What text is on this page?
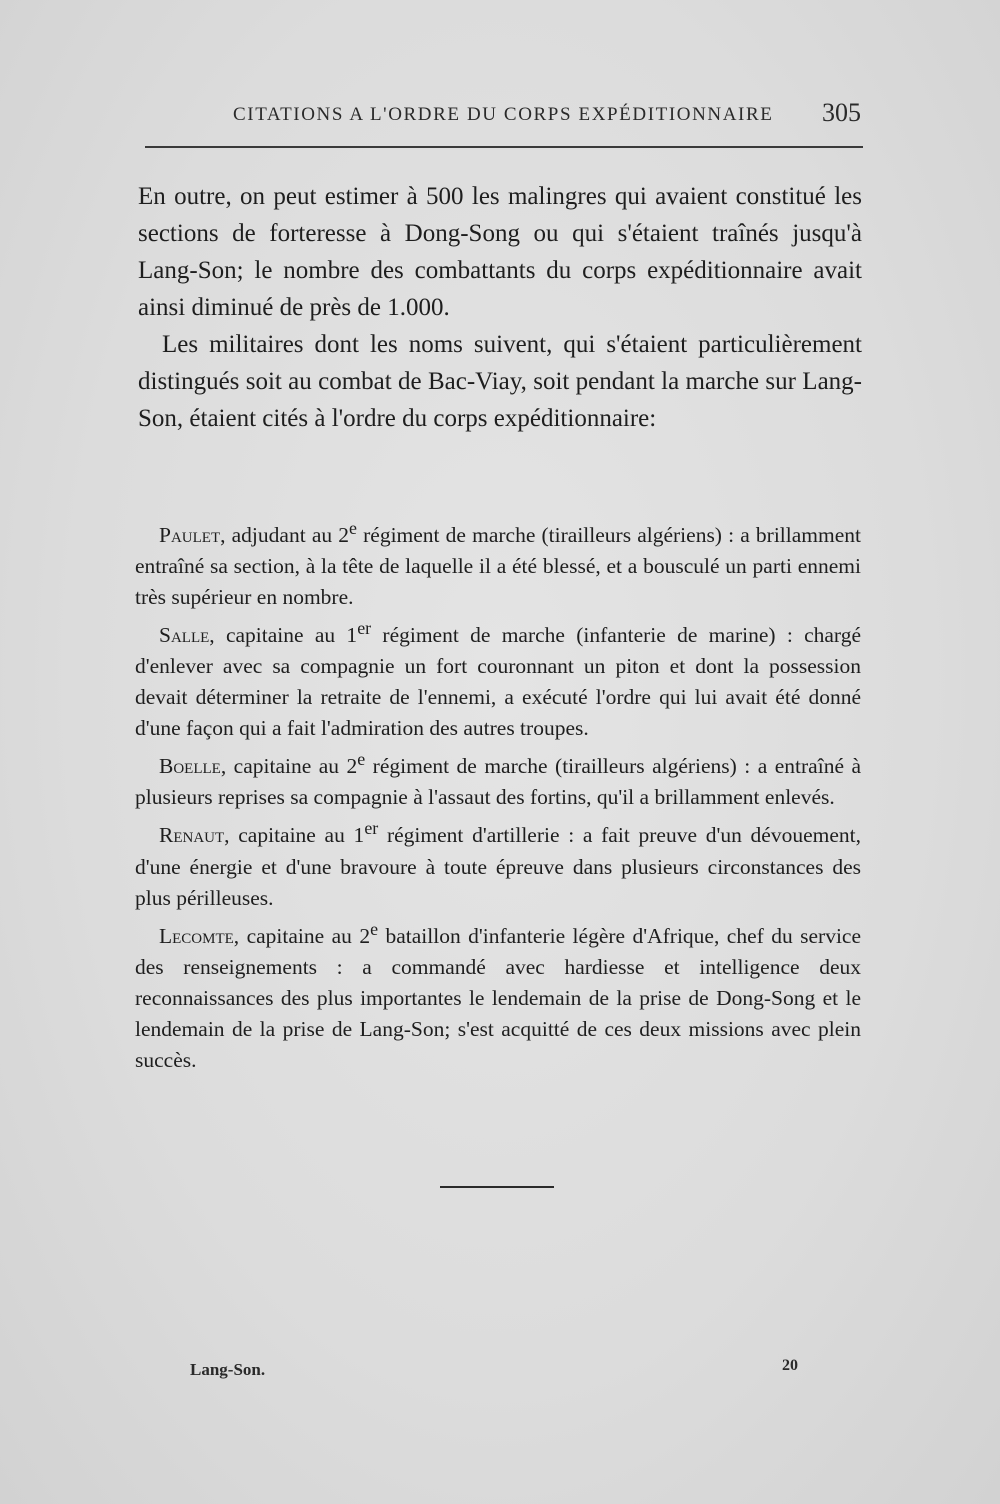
CITATIONS A L'ORDRE DU CORPS EXPÉDITIONNAIRE 305

En outre, on peut estimer à 500 les malingres qui avaient constitué les sections de forteresse à Dong-Song ou qui s'étaient traînés jusqu'à Lang-Son; le nombre des combattants du corps expéditionnaire avait ainsi diminué de près de 1.000.

Les militaires dont les noms suivent, qui s'étaient particulièrement distingués soit au combat de Bac-Viay, soit pendant la marche sur Lang-Son, étaient cités à l'ordre du corps expéditionnaire:

Paulet, adjudant au 2e régiment de marche (tirailleurs algériens) : a brillamment entraîné sa section, à la tête de laquelle il a été blessé, et a bousculé un parti ennemi très supérieur en nombre.

Salle, capitaine au 1er régiment de marche (infanterie de marine) : chargé d'enlever avec sa compagnie un fort couronnant un piton et dont la possession devait déterminer la retraite de l'ennemi, a exécuté l'ordre qui lui avait été donné d'une façon qui a fait l'admiration des autres troupes.

Boelle, capitaine au 2e régiment de marche (tirailleurs algériens) : a entraîné à plusieurs reprises sa compagnie à l'assaut des fortins, qu'il a brillamment enlevés.

Renaut, capitaine au 1er régiment d'artillerie : a fait preuve d'un dévouement, d'une énergie et d'une bravoure à toute épreuve dans plusieurs circonstances des plus périlleuses.

Lecomte, capitaine au 2e bataillon d'infanterie légère d'Afrique, chef du service des renseignements : a commandé avec hardiesse et intelligence deux reconnaissances des plus importantes le lendemain de la prise de Dong-Song et le lendemain de la prise de Lang-Son; s'est acquitté de ces deux missions avec plein succès.

Lang-Son.	20
